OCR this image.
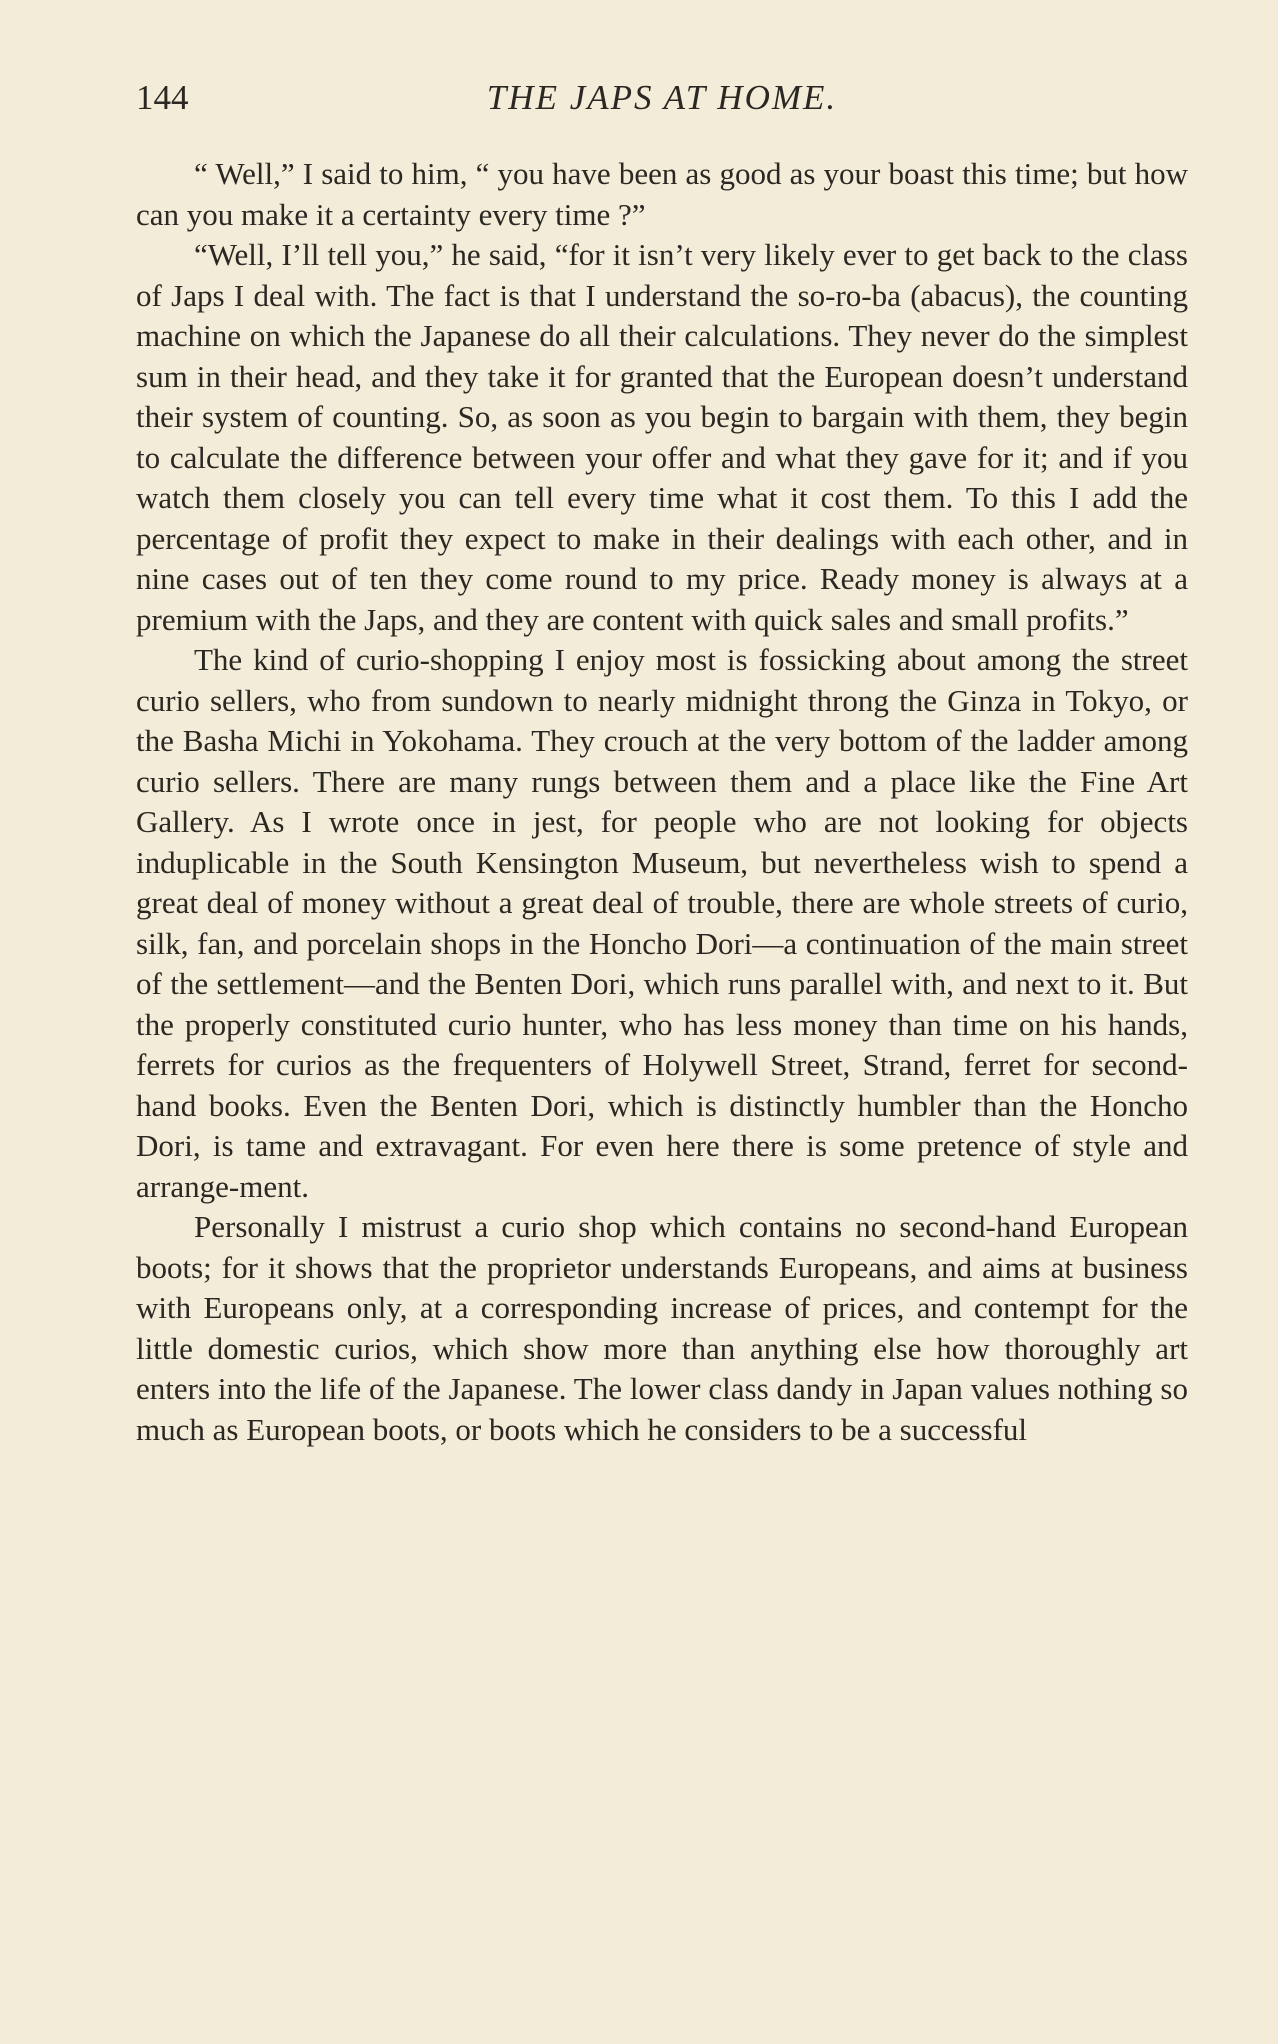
144	THE JAPS AT HOME.

“ Well,” I said to him, “ you have been as good as your boast this time; but how can you make it a certainty every time ?”

“Well, I’ll tell you,” he said, “for it isn’t very likely ever to get back to the class of Japs I deal with. The fact is that I understand the so-ro-ba (abacus), the counting machine on which the Japanese do all their calculations. They never do the simplest sum in their head, and they take it for granted that the European doesn’t understand their system of counting. So, as soon as you begin to bargain with them, they begin to calculate the difference between your offer and what they gave for it; and if you watch them closely you can tell every time what it cost them. To this I add the percentage of profit they expect to make in their dealings with each other, and in nine cases out of ten they come round to my price. Ready money is always at a premium with the Japs, and they are content with quick sales and small profits.”

The kind of curio-shopping I enjoy most is fossicking about among the street curio sellers, who from sundown to nearly midnight throng the Ginza in Tokyo, or the Basha Michi in Yokohama. They crouch at the very bottom of the ladder among curio sellers. There are many rungs between them and a place like the Fine Art Gallery. As I wrote once in jest, for people who are not looking for objects induplicable in the South Kensington Museum, but nevertheless wish to spend a great deal of money without a great deal of trouble, there are whole streets of curio, silk, fan, and porcelain shops in the Honcho Dori—a continuation of the main street of the settlement—and the Benten Dori, which runs parallel with, and next to it. But the properly constituted curio hunter, who has less money than time on his hands, ferrets for curios as the frequenters of Holywell Street, Strand, ferret for second-hand books. Even the Benten Dori, which is distinctly humbler than the Honcho Dori, is tame and extravagant. For even here there is some pretence of style and arrange-ment.

Personally I mistrust a curio shop which contains no second-hand European boots; for it shows that the proprietor understands Europeans, and aims at business with Europeans only, at a corresponding increase of prices, and contempt for the little domestic curios, which show more than anything else how thoroughly art enters into the life of the Japanese. The lower class dandy in Japan values nothing so much as European boots, or boots which he considers to be a successful
